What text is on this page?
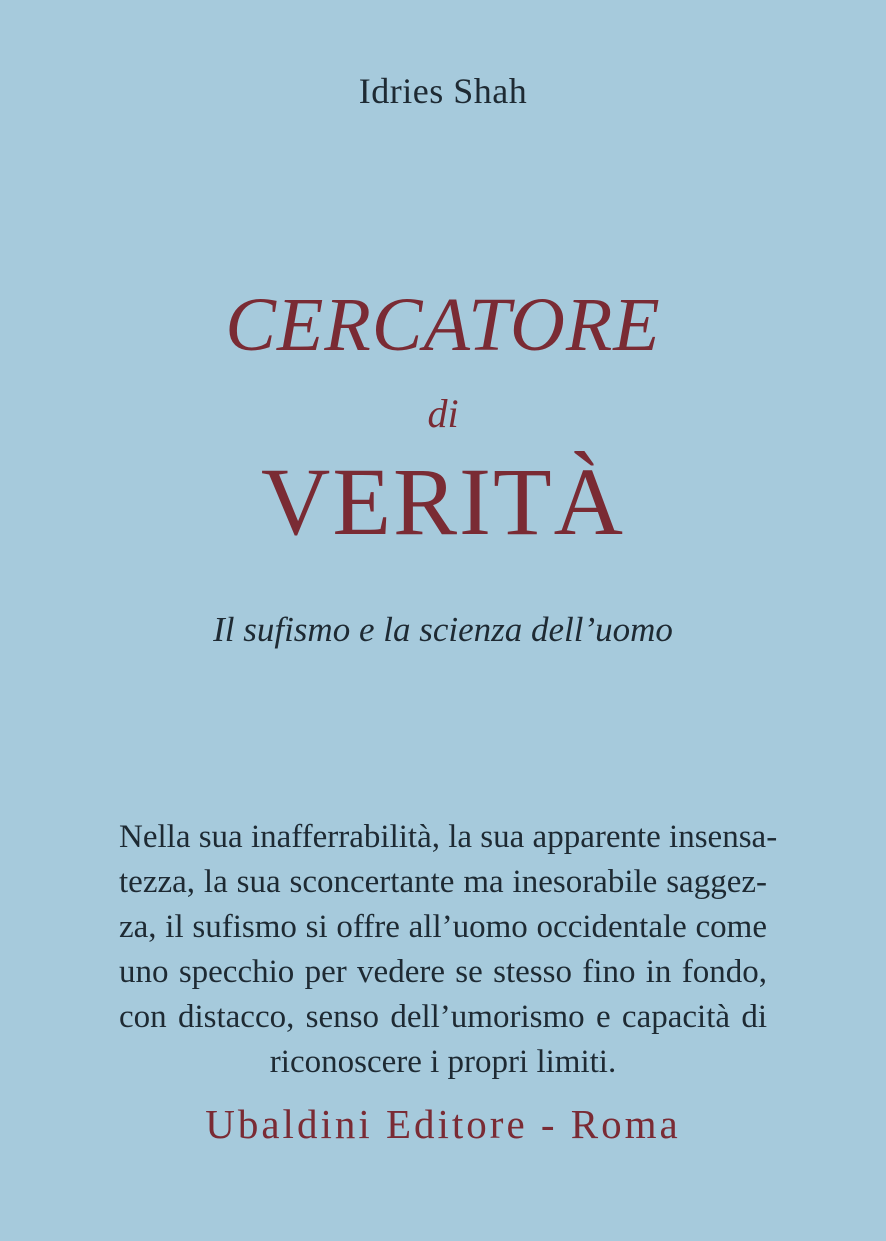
Idries Shah
CERCATORE
di
VERITÀ
Il sufismo e la scienza dell’uomo
Nella sua inafferrabilità, la sua apparente insensa-
tezza, la sua sconcertante ma inesorabile saggez-
za, il sufismo si offre all’uomo occidentale come
uno specchio per vedere se stesso fino in fondo,
con distacco, senso dell’umorismo e capacità di
riconoscere i propri limiti.
Ubaldini Editore - Roma
